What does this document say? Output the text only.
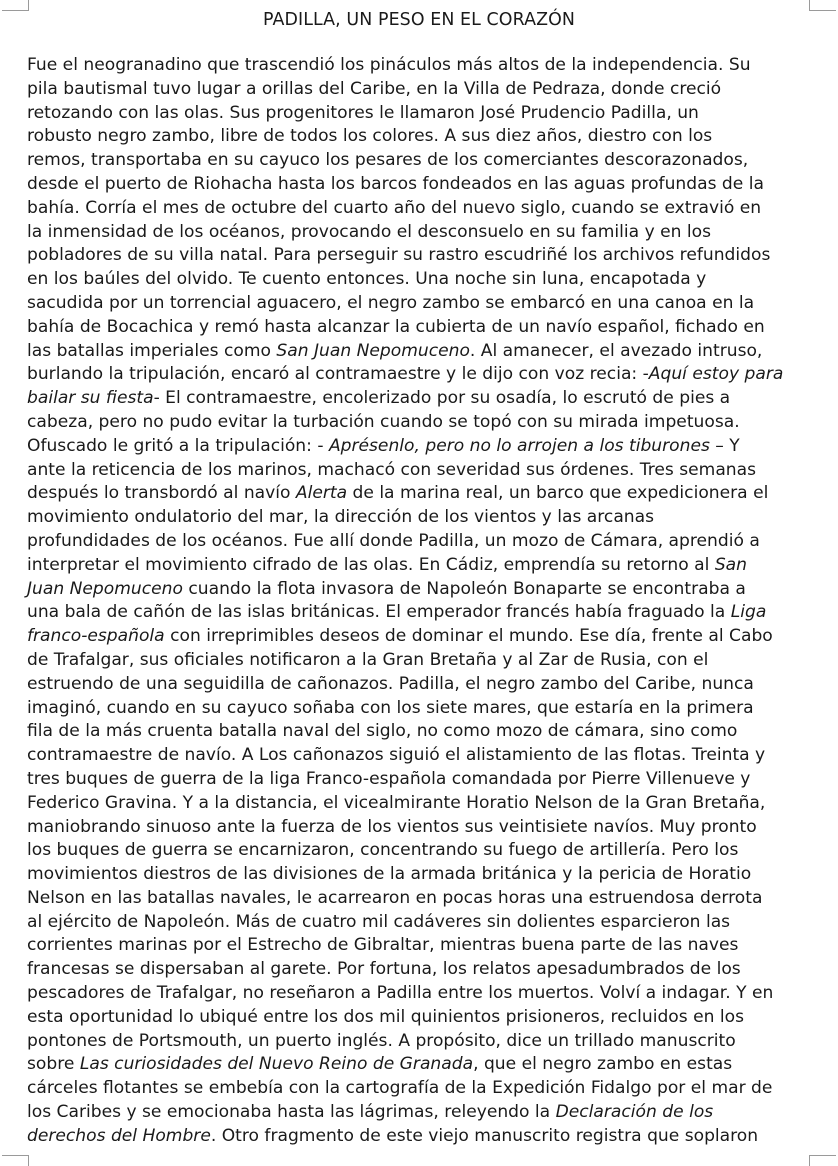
PADILLA, UN PESO EN EL CORAZÓN
Fue el neogranadino que trascendió los pináculos más altos de la independencia. Su
pila bautismal tuvo lugar a orillas del Caribe, en la Villa de Pedraza, donde creció
retozando con las olas. Sus progenitores le llamaron José Prudencio Padilla, un
robusto negro zambo, libre de todos los colores. A sus diez años, diestro con los
remos, transportaba en su cayuco los pesares de los comerciantes descorazonados,
desde el puerto de Riohacha hasta los barcos fondeados en las aguas profundas de la
bahía. Corría el mes de octubre del cuarto año del nuevo siglo, cuando se extravió en
la inmensidad de los océanos, provocando el desconsuelo en su familia y en los
pobladores de su villa natal. Para perseguir su rastro escudriñé los archivos refundidos
en los baúles del olvido. Te cuento entonces. Una noche sin luna, encapotada y
sacudida por un torrencial aguacero, el negro zambo se embarcó en una canoa en la
bahía de Bocachica y remó hasta alcanzar la cubierta de un navío español, fichado en
las batallas imperiales como San Juan Nepomuceno. Al amanecer, el avezado intruso,
burlando la tripulación, encaró al contramaestre y le dijo con voz recia: -Aquí estoy para
bailar su fiesta- El contramaestre, encolerizado por su osadía, lo escrutó de pies a
cabeza, pero no pudo evitar la turbación cuando se topó con su mirada impetuosa.
Ofuscado le gritó a la tripulación: - Aprésenlo, pero no lo arrojen a los tiburones – Y
ante la reticencia de los marinos, machacó con severidad sus órdenes. Tres semanas
después lo transbordó al navío Alerta de la marina real, un barco que expedicionera el
movimiento ondulatorio del mar, la dirección de los vientos y las arcanas
profundidades de los océanos. Fue allí donde Padilla, un mozo de Cámara, aprendió a
interpretar el movimiento cifrado de las olas. En Cádiz, emprendía su retorno al San
Juan Nepomuceno cuando la flota invasora de Napoleón Bonaparte se encontraba a
una bala de cañón de las islas británicas. El emperador francés había fraguado la Liga
franco-española con irreprimibles deseos de dominar el mundo. Ese día, frente al Cabo
de Trafalgar, sus oficiales notificaron a la Gran Bretaña y al Zar de Rusia, con el
estruendo de una seguidilla de cañonazos. Padilla, el negro zambo del Caribe, nunca
imaginó, cuando en su cayuco soñaba con los siete mares, que estaría en la primera
fila de la más cruenta batalla naval del siglo, no como mozo de cámara, sino como
contramaestre de navío. A Los cañonazos siguió el alistamiento de las flotas. Treinta y
tres buques de guerra de la liga Franco-española comandada por Pierre Villenueve y
Federico Gravina. Y a la distancia, el vicealmirante Horatio Nelson de la Gran Bretaña,
maniobrando sinuoso ante la fuerza de los vientos sus veintisiete navíos. Muy pronto
los buques de guerra se encarnizaron, concentrando su fuego de artillería. Pero los
movimientos diestros de las divisiones de la armada británica y la pericia de Horatio
Nelson en las batallas navales, le acarrearon en pocas horas una estruendosa derrota
al ejército de Napoleón. Más de cuatro mil cadáveres sin dolientes esparcieron las
corrientes marinas por el Estrecho de Gibraltar, mientras buena parte de las naves
francesas se dispersaban al garete. Por fortuna, los relatos apesadumbrados de los
pescadores de Trafalgar, no reseñaron a Padilla entre los muertos. Volví a indagar. Y en
esta oportunidad lo ubiqué entre los dos mil quinientos prisioneros, recluidos en los
pontones de Portsmouth, un puerto inglés. A propósito, dice un trillado manuscrito
sobre Las curiosidades del Nuevo Reino de Granada, que el negro zambo en estas
cárceles flotantes se embebía con la cartografía de la Expedición Fidalgo por el mar de
los Caribes y se emocionaba hasta las lágrimas, releyendo la Declaración de los
derechos del Hombre. Otro fragmento de este viejo manuscrito registra que soplaron
